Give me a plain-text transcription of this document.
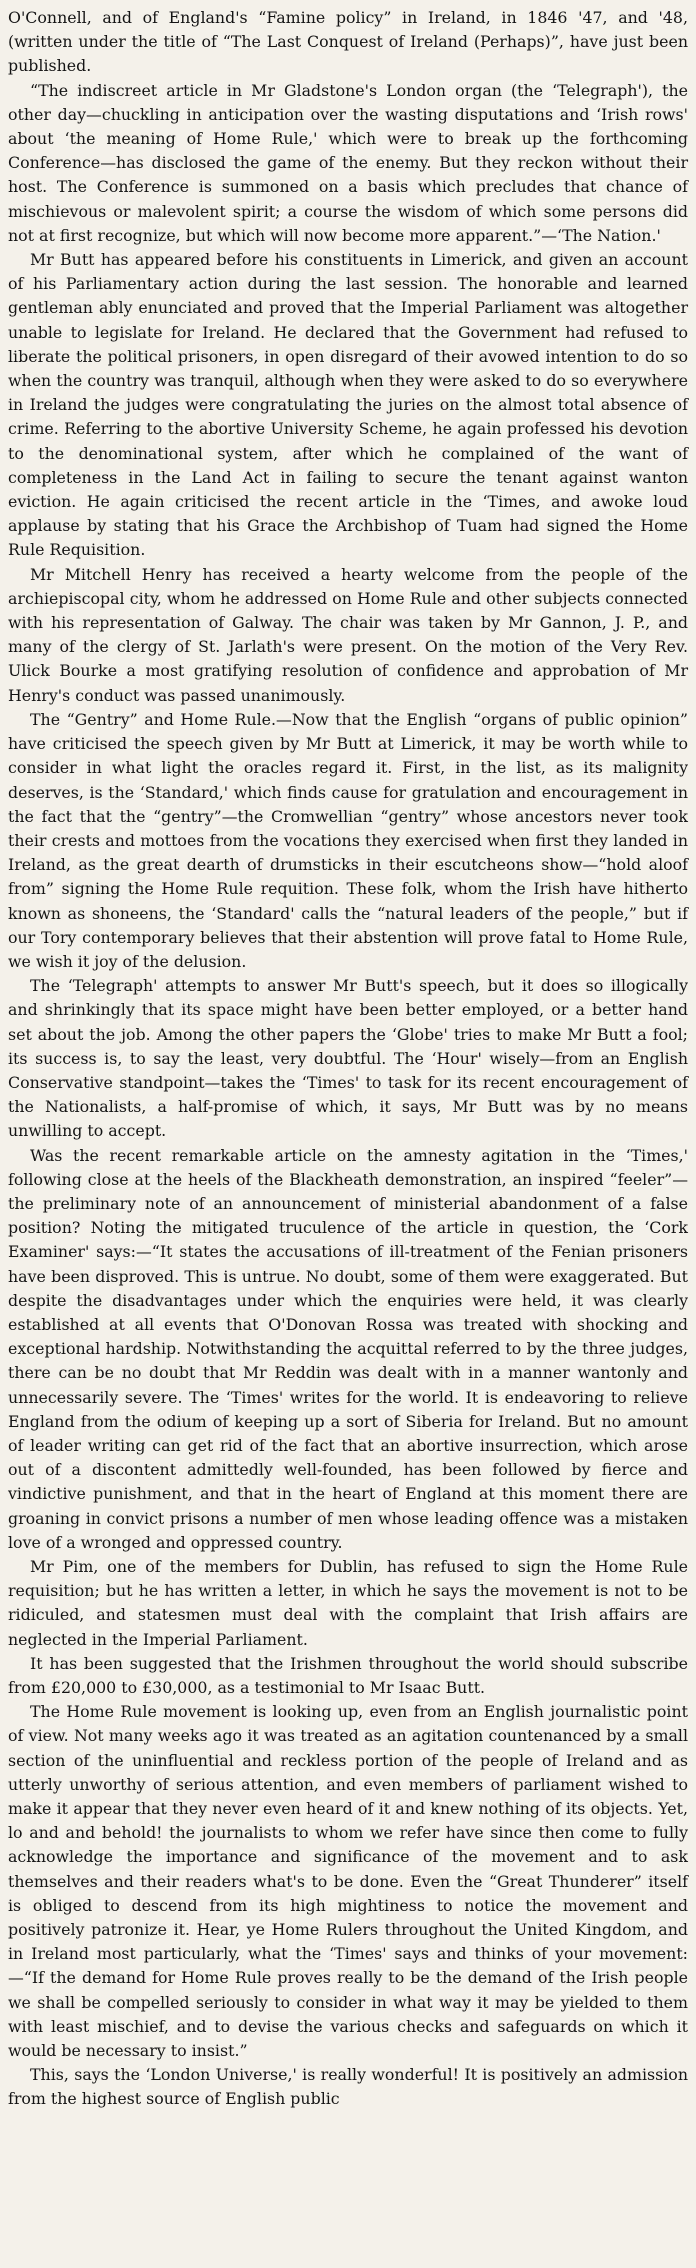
O'Connell, and of England's “Famine policy” in Ireland, in 1846 '47, and '48, (written under the title of “The Last Conquest of Ireland (Perhaps)”, have just been published.

“The indiscreet article in Mr Gladstone's London organ (the ‘Telegraph'), the other day—chuckling in anticipation over the wasting disputations and ‘Irish rows' about ‘the meaning of Home Rule,' which were to break up the forthcoming Conference—has disclosed the game of the enemy. But they reckon without their host. The Conference is summoned on a basis which precludes that chance of mischievous or malevolent spirit; a course the wisdom of which some persons did not at first recognize, but which will now become more apparent.”—‘The Nation.'

Mr Butt has appeared before his constituents in Limerick, and given an account of his Parliamentary action during the last session. The honorable and learned gentleman ably enunciated and proved that the Imperial Parliament was altogether unable to legislate for Ireland. He declared that the Government had refused to liberate the political prisoners, in open disregard of their avowed intention to do so when the country was tranquil, although when they were asked to do so everywhere in Ireland the judges were congratulating the juries on the almost total absence of crime. Referring to the abortive University Scheme, he again professed his devotion to the denominational system, after which he complained of the want of completeness in the Land Act in failing to secure the tenant against wanton eviction. He again criticised the recent article in the ‘Times, and awoke loud applause by stating that his Grace the Archbishop of Tuam had signed the Home Rule Requisition.

Mr Mitchell Henry has received a hearty welcome from the people of the archiepiscopal city, whom he addressed on Home Rule and other subjects connected with his representation of Galway. The chair was taken by Mr Gannon, J. P., and many of the clergy of St. Jarlath's were present. On the motion of the Very Rev. Ulick Bourke a most gratifying resolution of confidence and approbation of Mr Henry's conduct was passed unanimously.

The “Gentry” and Home Rule.—Now that the English “organs of public opinion” have criticised the speech given by Mr Butt at Limerick, it may be worth while to consider in what light the oracles regard it. First, in the list, as its malignity deserves, is the ‘Standard,' which finds cause for gratulation and encouragement in the fact that the “gentry”—the Cromwellian “gentry” whose ancestors never took their crests and mottoes from the vocations they exercised when first they landed in Ireland, as the great dearth of drumsticks in their escutcheons show—“hold aloof from” signing the Home Rule requition. These folk, whom the Irish have hitherto known as shoneens, the ‘Standard' calls the “natural leaders of the people,” but if our Tory contemporary believes that their abstention will prove fatal to Home Rule, we wish it joy of the delusion.

The ‘Telegraph' attempts to answer Mr Butt's speech, but it does so illogically and shrinkingly that its space might have been better employed, or a better hand set about the job. Among the other papers the ‘Globe' tries to make Mr Butt a fool; its success is, to say the least, very doubtful. The ‘Hour' wisely—from an English Conservative standpoint—takes the ‘Times' to task for its recent encouragement of the Nationalists, a half-promise of which, it says, Mr Butt was by no means unwilling to accept.

Was the recent remarkable article on the amnesty agitation in the ‘Times,' following close at the heels of the Blackheath demonstration, an inspired “feeler”—the preliminary note of an announcement of ministerial abandonment of a false position? Noting the mitigated truculence of the article in question, the ‘Cork Examiner' says:—“It states the accusations of ill-treatment of the Fenian prisoners have been disproved. This is untrue. No doubt, some of them were exaggerated. But despite the disadvantages under which the enquiries were held, it was clearly established at all events that O'Donovan Rossa was treated with shocking and exceptional hardship. Notwithstanding the acquittal referred to by the three judges, there can be no doubt that Mr Reddin was dealt with in a manner wantonly and unnecessarily severe. The ‘Times' writes for the world. It is endeavoring to relieve England from the odium of keeping up a sort of Siberia for Ireland. But no amount of leader writing can get rid of the fact that an abortive insurrection, which arose out of a discontent admittedly well-founded, has been followed by fierce and vindictive punishment, and that in the heart of England at this moment there are groaning in convict prisons a number of men whose leading offence was a mistaken love of a wronged and oppressed country.

Mr Pim, one of the members for Dublin, has refused to sign the Home Rule requisition; but he has written a letter, in which he says the movement is not to be ridiculed, and statesmen must deal with the complaint that Irish affairs are neglected in the Imperial Parliament.

It has been suggested that the Irishmen throughout the world should subscribe from £20,000 to £30,000, as a testimonial to Mr Isaac Butt.

The Home Rule movement is looking up, even from an English journalistic point of view. Not many weeks ago it was treated as an agitation countenanced by a small section of the uninfluential and reckless portion of the people of Ireland and as utterly unworthy of serious attention, and even members of parliament wished to make it appear that they never even heard of it and knew nothing of its objects. Yet, lo and and behold! the journalists to whom we refer have since then come to fully acknowledge the importance and significance of the movement and to ask themselves and their readers what's to be done. Even the “Great Thunderer” itself is obliged to descend from its high mightiness to notice the movement and positively patronize it. Hear, ye Home Rulers throughout the United Kingdom, and in Ireland most particularly, what the ‘Times' says and thinks of your movement:—“If the demand for Home Rule proves really to be the demand of the Irish people we shall be compelled seriously to consider in what way it may be yielded to them with least mischief, and to devise the various checks and safeguards on which it would be necessary to insist.”

This, says the ‘London Universe,' is really wonderful! It is positively an admission from the highest source of English public
